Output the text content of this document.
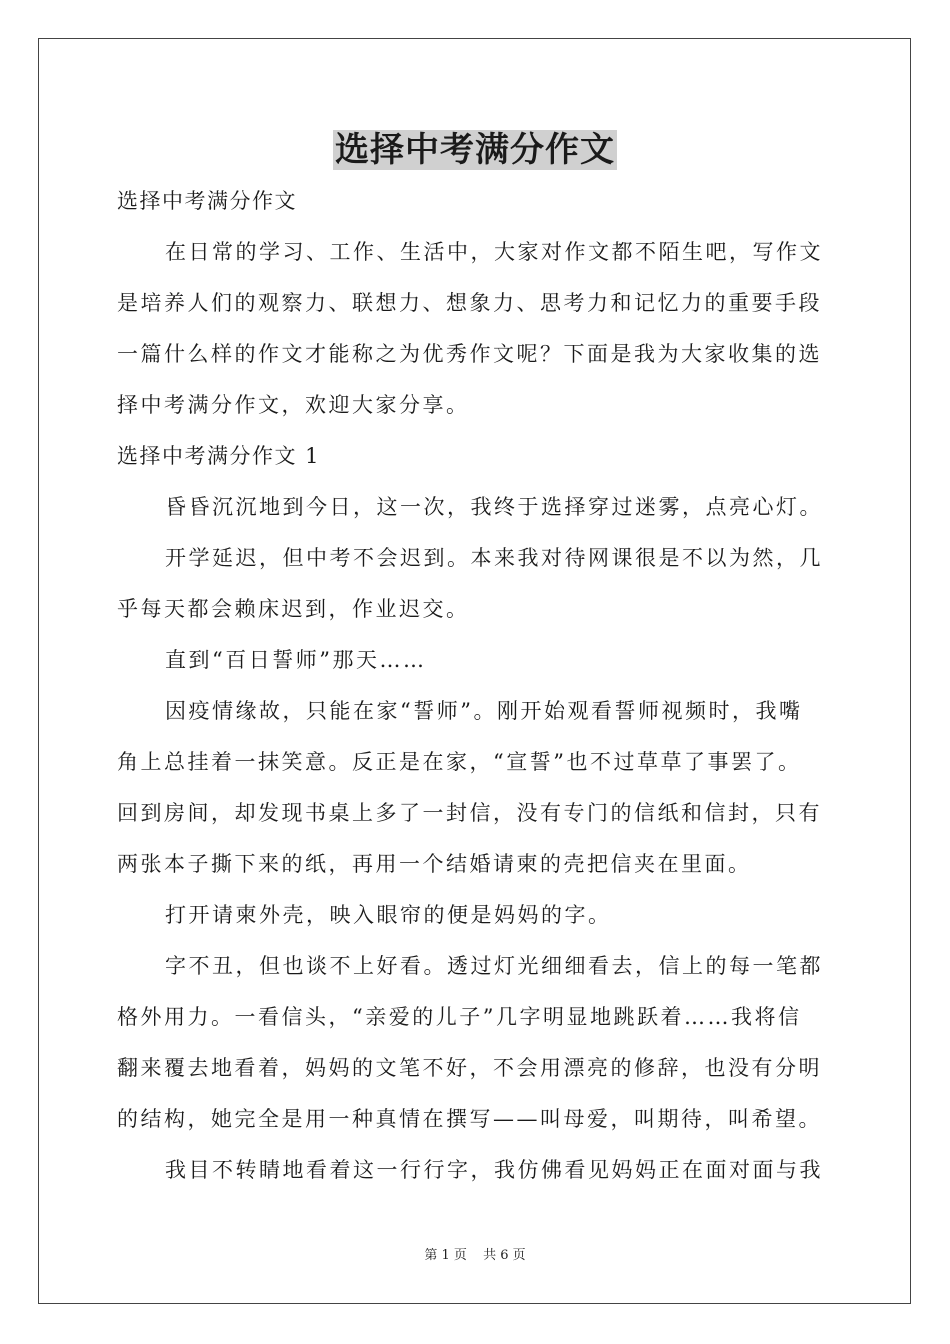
选择中考满分作文
选择中考满分作文
在日常的学习、工作、生活中，大家对作文都不陌生吧，写作文
是培养人们的观察力、联想力、想象力、思考力和记忆力的重要手段
一篇什么样的作文才能称之为优秀作文呢？下面是我为大家收集的选
择中考满分作文，欢迎大家分享。
选择中考满分作文 1
昏昏沉沉地到今日，这一次，我终于选择穿过迷雾，点亮心灯。
开学延迟，但中考不会迟到。本来我对待网课很是不以为然，几
乎每天都会赖床迟到，作业迟交。
直到“百日誓师”那天……
因疫情缘故，只能在家“誓师”。刚开始观看誓师视频时，我嘴
角上总挂着一抹笑意。反正是在家，“宣誓”也不过草草了事罢了。
回到房间，却发现书桌上多了一封信，没有专门的信纸和信封，只有
两张本子撕下来的纸，再用一个结婚请柬的壳把信夹在里面。
打开请柬外壳，映入眼帘的便是妈妈的字。
字不丑，但也谈不上好看。透过灯光细细看去，信上的每一笔都
格外用力。一看信头，“亲爱的儿子”几字明显地跳跃着……我将信
翻来覆去地看着，妈妈的文笔不好，不会用漂亮的修辞，也没有分明
的结构，她完全是用一种真情在撰写——叫母爱，叫期待，叫希望。
我目不转睛地看着这一行行字，我仿佛看见妈妈正在面对面与我
第 1 页 共 6 页
